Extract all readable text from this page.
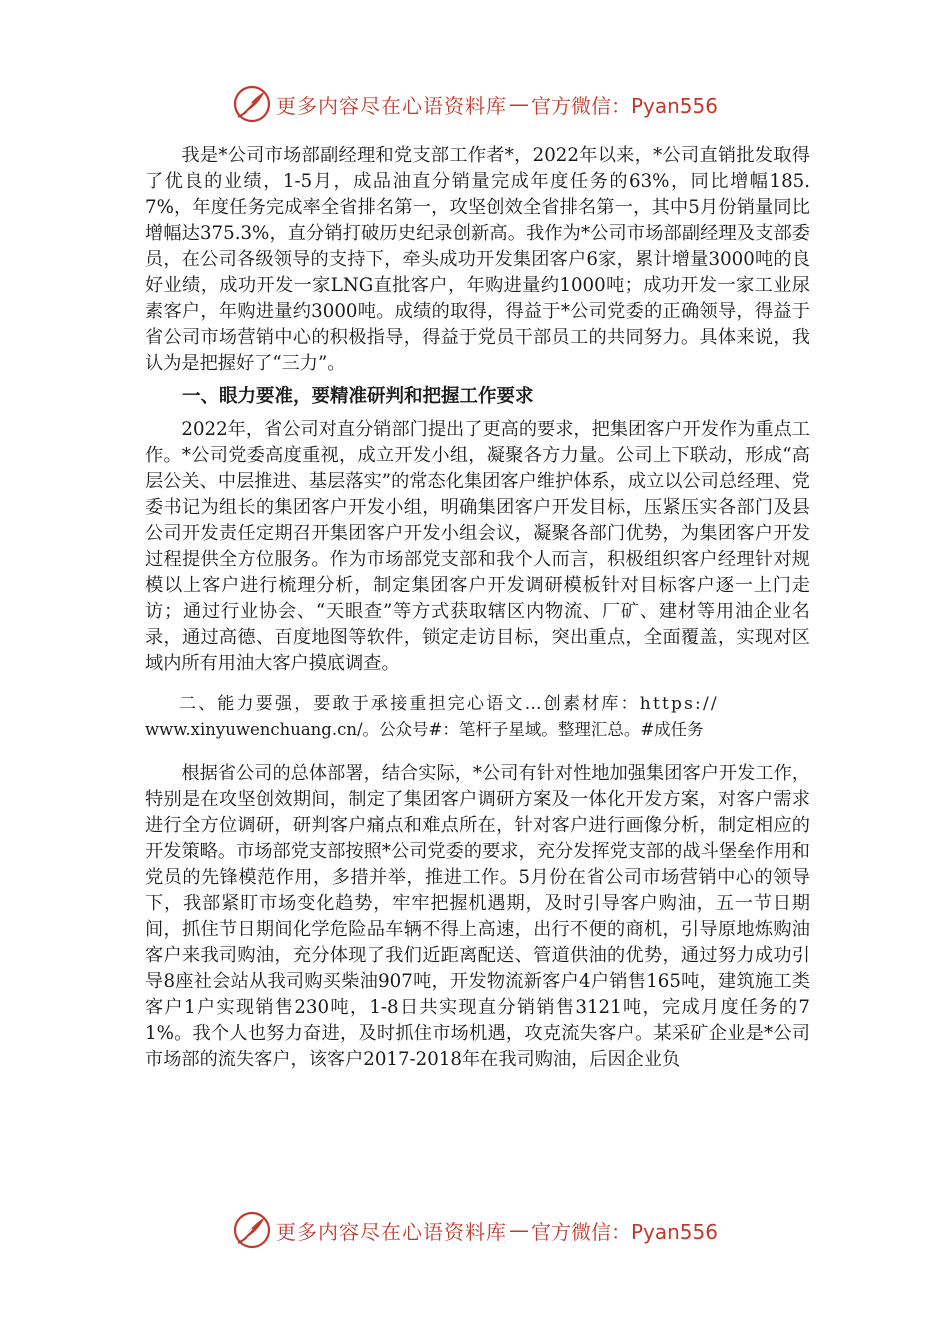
更多内容尽在心语资料库 — 官方微信：Pyan556

我是*公司市场部副经理和党支部工作者*，2022年以来，*公司直销批发取得了优良的业绩，1-5月，成品油直分销量完成年度任务的63%，同比增幅185.7%，年度任务完成率全省排名第一，攻坚创效全省排名第一，其中5月份销量同比增幅达375.3%，直分销打破历史纪录创新高。我作为*公司市场部副经理及支部委员，在公司各级领导的支持下，牵头成功开发集团客户6家，累计增量3000吨的良好业绩，成功开发一家LNG直批客户，年购进量约1000吨；成功开发一家工业尿素客户，年购进量约3000吨。成绩的取得，得益于*公司党委的正确领导，得益于省公司市场营销中心的积极指导，得益于党员干部员工的共同努力。具体来说，我认为是把握好了“三力”。

一、眼力要准，要精准研判和把握工作要求

2022年，省公司对直分销部门提出了更高的要求，把集团客户开发作为重点工作。*公司党委高度重视，成立开发小组，凝聚各方力量。公司上下联动，形成“高层公关、中层推进、基层落实”的常态化集团客户维护体系，成立以公司总经理、党委书记为组长的集团客户开发小组，明确集团客户开发目标，压紧压实各部门及县公司开发责任定期召开集团客户开发小组会议，凝聚各部门优势，为集团客户开发过程提供全方位服务。作为市场部党支部和我个人而言，积极组织客户经理针对规模以上客户进行梳理分析，制定集团客户开发调研模板针对目标客户逐一上门走访；通过行业协会、“天眼查”等方式获取辖区内物流、厂矿、建材等用油企业名录，通过高德、百度地图等软件，锁定走访目标，突出重点，全面覆盖，实现对区域内所有用油大客户摸底调查。

二、能力要强，要敢于承接重担完心语文…创素材库：https://
www.xinyuwenchuang.cn/。公众号#：笔杆子星域。整理汇总。#成任务

根据省公司的总体部署，结合实际，*公司有针对性地加强集团客户开发工作，特别是在攻坚创效期间，制定了集团客户调研方案及一体化开发方案，对客户需求进行全方位调研，研判客户痛点和难点所在，针对客户进行画像分析，制定相应的开发策略。市场部党支部按照*公司党委的要求，充分发挥党支部的战斗堡垒作用和党员的先锋模范作用，多措并举，推进工作。5月份在省公司市场营销中心的领导下，我部紧盯市场变化趋势，牢牢把握机遇期，及时引导客户购油，五一节日期间，抓住节日期间化学危险品车辆不得上高速，出行不便的商机，引导原地炼购油客户来我司购油，充分体现了我们近距离配送、管道供油的优势，通过努力成功引导8座社会站从我司购买柴油907吨，开发物流新客户4户销售165吨，建筑施工类客户1户实现销售230吨，1-8日共实现直分销销售3121吨，完成月度任务的71%。我个人也努力奋进，及时抓住市场机遇，攻克流失客户。某采矿企业是*公司市场部的流失客户，该客户2017-2018年在我司购油，后因企业负

更多内容尽在心语资料库 — 官方微信：Pyan556
